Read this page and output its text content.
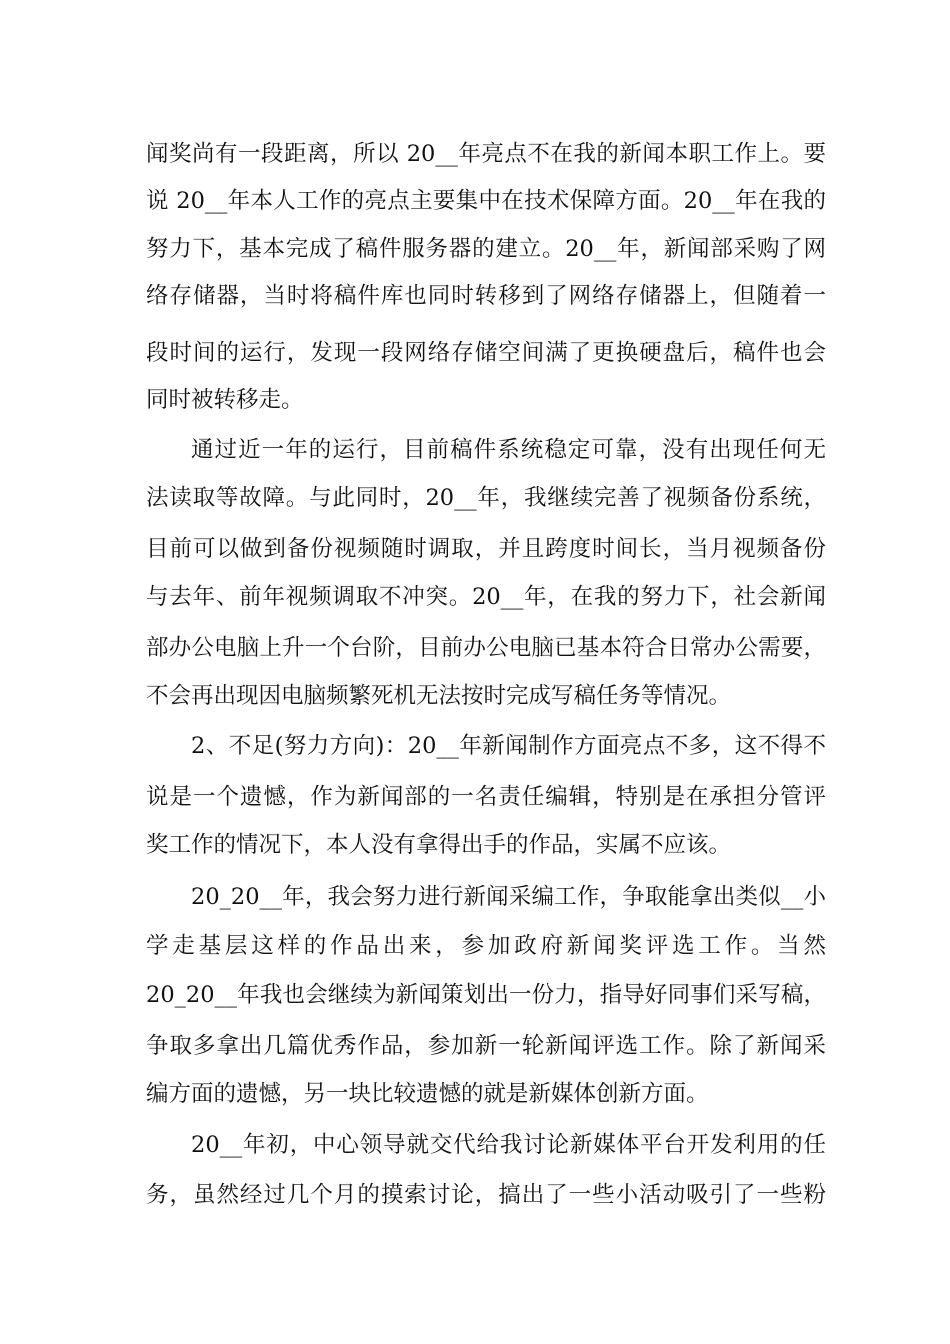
闻奖尚有一段距离，所以 20__年亮点不在我的新闻本职工作上。要

说 20__年本人工作的亮点主要集中在技术保障方面。20__年在我的

努力下，基本完成了稿件服务器的建立。20__年，新闻部采购了网

络存储器，当时将稿件库也同时转移到了网络存储器上，但随着一

段时间的运行，发现一段网络存储空间满了更换硬盘后，稿件也会

同时被转移走。

通过近一年的运行，目前稿件系统稳定可靠，没有出现任何无

法读取等故障。与此同时，20__年，我继续完善了视频备份系统，

目前可以做到备份视频随时调取，并且跨度时间长，当月视频备份

与去年、前年视频调取不冲突。20__年，在我的努力下，社会新闻

部办公电脑上升一个台阶，目前办公电脑已基本符合日常办公需要，

不会再出现因电脑频繁死机无法按时完成写稿任务等情况。

2、不足(努力方向)：20__年新闻制作方面亮点不多，这不得不

说是一个遗憾，作为新闻部的一名责任编辑，特别是在承担分管评

奖工作的情况下，本人没有拿得出手的作品，实属不应该。

20_20__年，我会努力进行新闻采编工作，争取能拿出类似__小

学走基层这样的作品出来，参加政府新闻奖评选工作。当然

20_20__年我也会继续为新闻策划出一份力，指导好同事们采写稿，

争取多拿出几篇优秀作品，参加新一轮新闻评选工作。除了新闻采

编方面的遗憾，另一块比较遗憾的就是新媒体创新方面。

20__年初，中心领导就交代给我讨论新媒体平台开发利用的任

务，虽然经过几个月的摸索讨论，搞出了一些小活动吸引了一些粉
